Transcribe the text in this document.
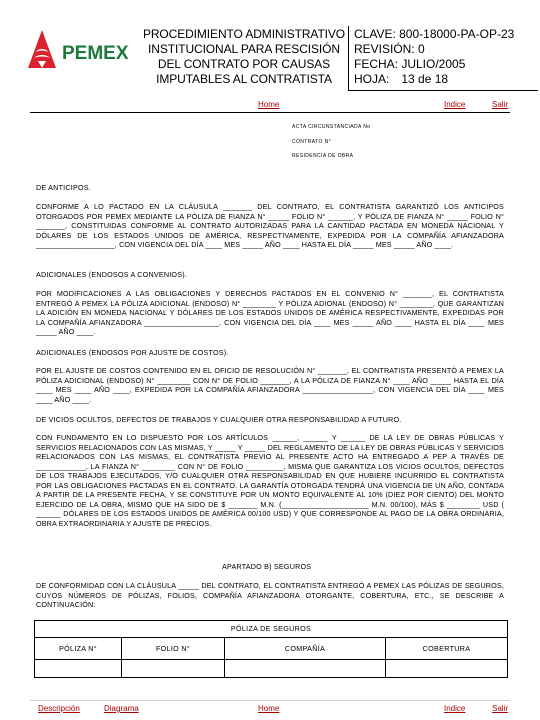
PEMEX
PROCEDIMIENTO ADMINISTRATIVO
INSTITUCIONAL PARA RESCISIÓN
DEL CONTRATO POR CAUSAS
IMPUTABLES AL CONTRATISTA
CLAVE: 800-18000-PA-OP-23
REVISIÓN: 0
FECHA: JULIO/2005
HOJA: 13 de 18
Home	Indice	Salir
ACTA CIRCUNSTANCIADA No
CONTRATO N°
RESIDENCIA DE OBRA
DE ANTICIPOS.

CONFORME A LO PACTADO EN LA CLÁUSULA _______ DEL CONTRATO, EL CONTRATISTA GARANTIZÓ LOS ANTICIPOS OTORGADOS POR PEMEX MEDIANTE LA PÓLIZA DE FIANZA N° _____ FOLIO N° ______, Y PÓLIZA DE FIANZA N° _____ FOLIO N° _______, CONSTITUIDAS CONFORME AL CONTRATO AUTORIZADAS PARA LA CANTIDAD PACTADA EN MONEDA NACIONAL Y DÓLARES DE LOS ESTADOS UNIDOS DE AMÉRICA, RESPECTIVAMENTE, EXPEDIDA POR LA COMPAÑÍA AFIANZADORA ___________________, CON VIGENCIA DEL DÍA ____ MES _____ AÑO ____ HASTA EL DÍA _____ MES _____ AÑO ____.

ADICIONALES (ENDOSOS A CONVENIOS).

POR MODIFICACIONES A LAS OBLIGACIONES Y DERECHOS PACTADOS EN EL CONVENIO N° _______, EL CONTRATISTA ENTREGÓ A PEMEX LA PÓLIZA ADICIONAL (ENDOSO) N° ________ Y PÓLIZA ADIONAL (ENDOSO) N° ________, QUE GARANTIZAN LA ADICIÓN EN MONEDA NACIONAL Y DÓLARES DE LOS ESTADOS UNIDOS DE AMÉRICA RESPECTIVAMENTE, EXPEDIDAS POR LA COMPAÑÍA AFIANZADORA __________________, CON VIGENCIA DEL DÍA ____ MES _____ AÑO ____ HASTA EL DÍA ____ MES _____ AÑO ____.

ADICIONALES (ENDOSOS POR AJUSTE DE COSTOS).

POR EL AJUSTE DE COSTOS CONTENIDO EN EL OFICIO DE RESOLUCIÓN N° _______, EL CONTRATISTA PRESENTÓ A PEMEX LA PÓLIZA ADICIONAL (ENDOSO) N° ________ CON N° DE FOLIO _______, A LA PÓLIZA DE FIANZA N° ____ AÑO _____ HASTA EL DÍA ____ MES ____ AÑO ____, EXPEDIDA POR LA COMPAÑÍA AFIANZADORA _________________, CON VIGENCIA DEL DÍA ____ MES ____ AÑO ____.

DE VICIOS OCULTOS, DEFECTOS DE TRABAJOS Y CUALQUIER OTRA RESPONSABILIDAD A FUTURO.

CON FUNDAMENTO EN LO DISPUESTO POR LOS ARTÍCULOS ______, ______ Y ______ DE LA LEY DE OBRAS PÚBLICAS Y SERVICIOS RELACIONADOS CON LAS MISMAS, Y _____ Y _____ DEL REGLAMENTO DE LA LEY DE OBRAS PÚBLICAS Y SERVICIOS RELACIONADOS CON LAS MISMAS, EL CONTRATISTA PREVIO AL PRESENTE ACTO HA ENTREGADO A PEP A TRAVÉS DE ____________, LA FIANZA N° ________ CON N° DE FOLIO _________, MISMA QUE GARANTIZA LOS VICIOS OCULTOS, DEFECTOS DE LOS TRABAJOS EJECUTADOS, Y/O CUALQUIER OTRA RESPONSABILIDAD EN QUE HUBIERE INCURRIDO EL CONTRATISTA POR LAS OBLIGACIONES PACTADAS EN EL CONTRATO. LA GARANTÍA OTORGADA TENDRÁ UNA VIGENCIA DE UN AÑO, CONTADA A PARTIR DE LA PRESENTE FECHA, Y SE CONSTITUYE POR UN MONTO EQUIVALENTE AL 10% (DIEZ POR CIENTO) DEL MONTO EJERCIDO DE LA OBRA, MISMO QUE HA SIDO DE $ _______ M.N. (_____________________ M.N. 00/100), MÁS $ ________ USD ( ______ DÓLARES DE LOS ESTADOS UNIDOS DE AMÉRICA 00/100 USD) Y QUE CORRESPONDE AL PAGO DE LA OBRA ORDINARIA, OBRA EXTRAORDINARIA Y AJUSTE DE PRECIOS.

APARTADO B) SEGUROS

DE CONFORMIDAD CON LA CLÁUSULA _____ DEL CONTRATO, EL CONTRATISTA ENTREGÓ A PEMEX LAS PÓLIZAS DE SEGUROS, CUYOS NÚMEROS DE PÓLIZAS, FOLIOS, COMPAÑÍA AFIANZADORA OTORGANTE, COBERTURA, ETC., SE DESCRIBE A CONTINUACIÓN:

PÓLIZA DE SEGUROS
PÓLIZA N°	FOLIO N°	COMPAÑÍA	COBERTURA
Descripción	Diagrama	Home	Indice	Salir
